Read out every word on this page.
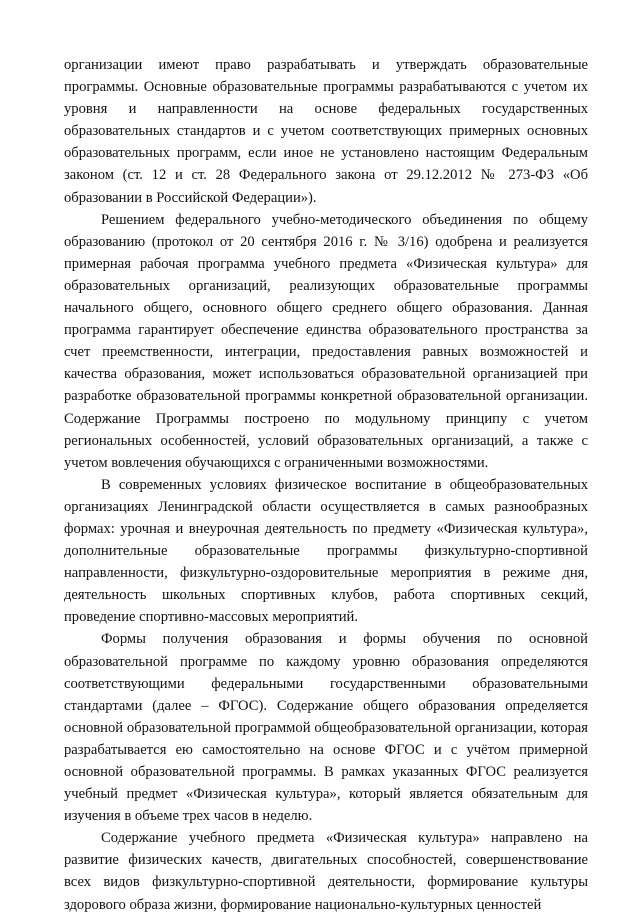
организации имеют право разрабатывать и утверждать образовательные программы. Основные образовательные программы разрабатываются с учетом их уровня и направленности на основе федеральных государственных образовательных стандартов и с учетом соответствующих примерных основных образовательных программ, если иное не установлено настоящим Федеральным законом (ст. 12 и ст. 28 Федерального закона от 29.12.2012 № 273-ФЗ «Об образовании в Российской Федерации»).

Решением федерального учебно-методического объединения по общему образованию (протокол от 20 сентября 2016 г. № 3/16) одобрена и реализуется примерная рабочая программа учебного предмета «Физическая культура» для образовательных организаций, реализующих образовательные программы начального общего, основного общего среднего общего образования. Данная программа гарантирует обеспечение единства образовательного пространства за счет преемственности, интеграции, предоставления равных возможностей и качества образования, может использоваться образовательной организацией при разработке образовательной программы конкретной образовательной организации. Содержание Программы построено по модульному принципу с учетом региональных особенностей, условий образовательных организаций, а также с учетом вовлечения обучающихся с ограниченными возможностями.

В современных условиях физическое воспитание в общеобразовательных организациях Ленинградской области осуществляется в самых разнообразных формах: урочная и внеурочная деятельность по предмету «Физическая культура», дополнительные образовательные программы физкультурно-спортивной направленности, физкультурно-оздоровительные мероприятия в режиме дня, деятельность школьных спортивных клубов, работа спортивных секций, проведение спортивно-массовых мероприятий.

Формы получения образования и формы обучения по основной образовательной программе по каждому уровню образования определяются соответствующими федеральными государственными образовательными стандартами (далее – ФГОС). Содержание общего образования определяется основной образовательной программой общеобразовательной организации, которая разрабатывается ею самостоятельно на основе ФГОС и с учётом примерной основной образовательной программы. В рамках указанных ФГОС реализуется учебный предмет «Физическая культура», который является обязательным для изучения в объеме трех часов в неделю.

Содержание учебного предмета «Физическая культура» направлено на развитие физических качеств, двигательных способностей, совершенствование всех видов физкультурно-спортивной деятельности, формирование культуры здорового образа жизни, формирование национально-культурных ценностей
